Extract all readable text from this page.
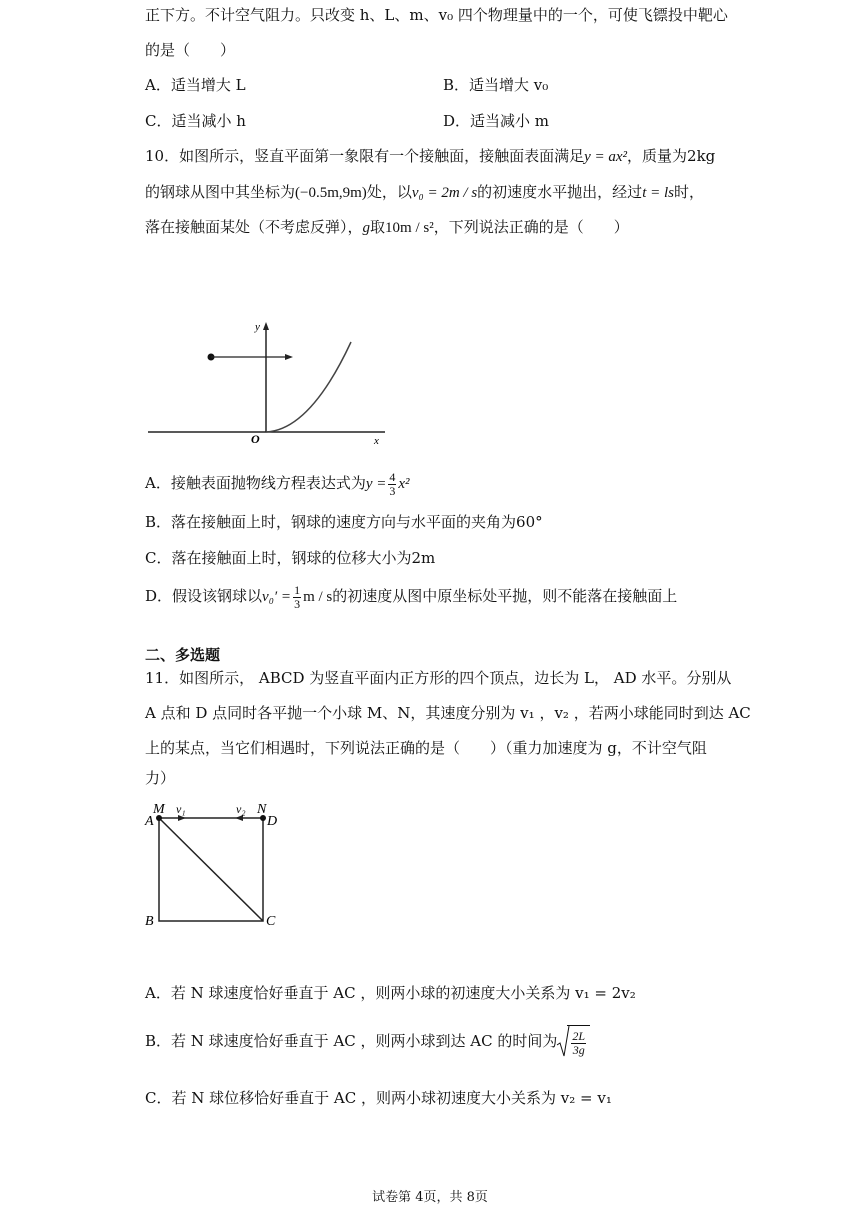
正下方。不计空气阻力。只改变 h、L、m、v₀ 四个物理量中的一个，可使飞镖投中靶心
的是（　　）
A．适当增大 L	B．适当增大 v₀
C．适当减小 h	D．适当减小 m
10．如图所示，竖直平面第一象限有一个接触面，接触面表面满足y = ax²，质量为2kg
的钢球从图中其坐标为(−0.5m,9m)处，以v₀ = 2m / s的初速度水平抛出，经过t = ls时，
落在接触面某处（不考虑反弹），g取10m / s²，下列说法正确的是（　　）
y
O	x
A．接触表面抛物线方程表达式为$y = \frac{4}{3} x^2$
B．落在接触面上时，钢球的速度方向与水平面的夹角为60°
C．落在接触面上时，钢球的位移大小为2m
D．假设该钢球以$v_0' = \frac{1}{3}$ m / s的初速度从图中原坐标处平抛，则不能落在接触面上
二、多选题
11．如图所示， ABCD 为竖直平面内正方形的四个顶点，边长为 L， AD 水平。分别从
A 点和 D 点同时各平抛一个小球 M、N，其速度分别为 v₁ ，v₂ ，若两小球能同时到达 AC
上的某点，当它们相遇时，下列说法正确的是（　　）（重力加速度为 g，不计空气阻
力）
M v₁	v₂ N
A	D
B	C
A．若 N 球速度恰好垂直于 AC ，则两小球的初速度大小关系为 v₁ = 2v₂
B．若 N 球速度恰好垂直于 AC ，则两小球到达 AC 的时间为 $\frac{2L}{3g}$
C．若 N 球位移恰好垂直于 AC ，则两小球初速度大小关系为 v₂ = v₁
试卷第 4页，共 8页
